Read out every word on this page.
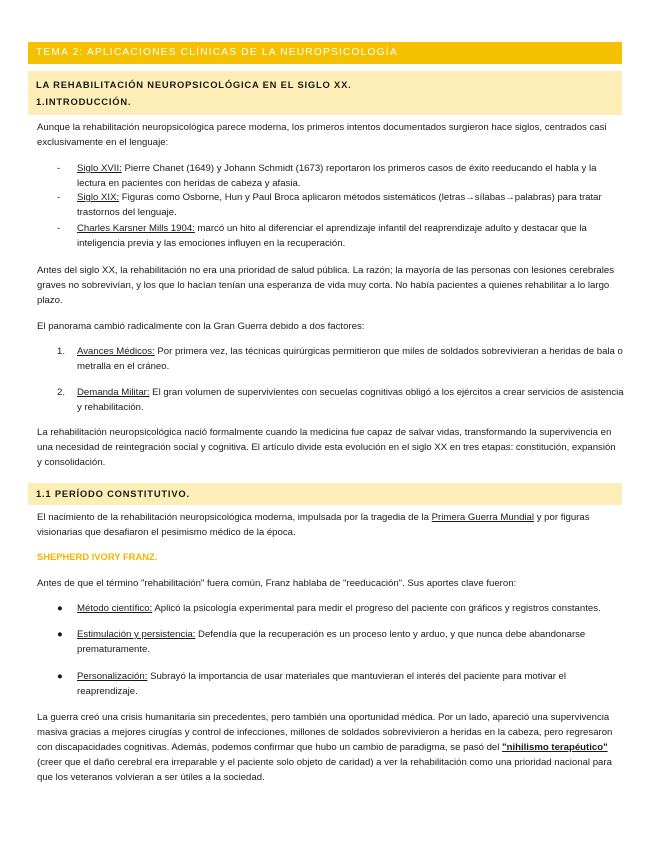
TEMA 2: APLICACIONES CLÍNICAS DE LA NEUROPSICOLOGÍA
LA REHABILITACIÓN NEUROPSICOLÓGICA EN EL SIGLO XX.
1.INTRODUCCIÓN.

Aunque la rehabilitación neuropsicológica parece moderna, los primeros intentos documentados surgieron hace siglos, centrados casi exclusivamente en el lenguaje:

-	Siglo XVII: Pierre Chanet (1649) y Johann Schmidt (1673) reportaron los primeros casos de éxito reeducando el habla y la lectura en pacientes con heridas de cabeza y afasia.
-	Siglo XIX: Figuras como Osborne, Hun y Paul Broca aplicaron métodos sistemáticos (letras→sílabas→palabras) para tratar trastornos del lenguaje.
-	Charles Karsner Mills 1904: marcó un hito al diferenciar el aprendizaje infantil del reaprendizaje adulto y destacar que la inteligencia previa y las emociones influyen en la recuperación.

Antes del siglo XX, la rehabilitación no era una prioridad de salud pública. La razón; la mayoría de las personas con lesiones cerebrales graves no sobrevivían, y los que lo hacían tenían una esperanza de vida muy corta. No había pacientes a quienes rehabilitar a lo largo plazo.

El panorama cambió radicalmente con la Gran Guerra debido a dos factores:

1.	Avances Médicos: Por primera vez, las técnicas quirúrgicas permitieron que miles de soldados sobrevivieran a heridas de bala o metralla en el cráneo.
2.	Demanda Militar: El gran volumen de supervivientes con secuelas cognitivas obligó a los ejércitos a crear servicios de asistencia y rehabilitación.

La rehabilitación neuropsicológica nació formalmente cuando la medicina fue capaz de salvar vidas, transformando la supervivencia en una necesidad de reintegración social y cognitiva. El artículo divide esta evolución en el siglo XX en tres etapas: constitución, expansión y consolidación.

1.1 PERÍODO CONSTITUTIVO.

El nacimiento de la rehabilitación neuropsicológica moderna, impulsada por la tragedia de la Primera Guerra Mundial y por figuras visionarias que desafiaron el pesimismo médico de la época.

SHEPHERD IVORY FRANZ.

Antes de que el término "rehabilitación" fuera común, Franz hablaba de "reeducación". Sus aportes clave fueron:

●	Método científico: Aplicó la psicología experimental para medir el progreso del paciente con gráficos y registros constantes.
●	Estimulación y persistencia: Defendía que la recuperación es un proceso lento y arduo, y que nunca debe abandonarse prematuramente.
●	Personalización: Subrayó la importancia de usar materiales que mantuvieran el interés del paciente para motivar el reaprendizaje.

La guerra creó una crisis humanitaria sin precedentes, pero también una oportunidad médica. Por un lado, apareció una supervivencia masiva gracias a mejores cirugías y control de infecciones, millones de soldados sobrevivieron a heridas en la cabeza, pero regresaron con discapacidades cognitivas. Además, podemos confirmar que hubo un cambio de paradigma, se pasó del "nihilismo terapéutico" (creer que el daño cerebral era irreparable y el paciente solo objeto de caridad) a ver la rehabilitación como una prioridad nacional para que los veteranos volvieran a ser útiles a la sociedad.
